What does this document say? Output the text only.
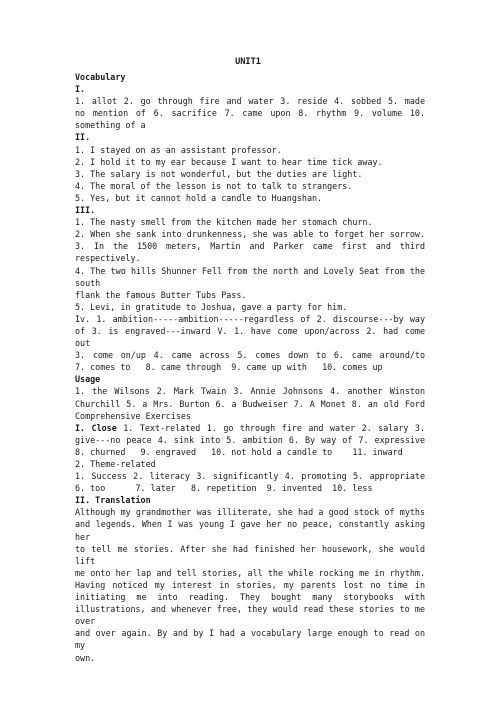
UNIT1
Vocabulary
I.
1. allot 2. go through fire and water 3. reside 4. sobbed 5. made
no mention of 6. sacrifice 7. came upon 8. rhythm 9. volume 10.
something of a
II.
1. I stayed on as an assistant professor.
2. I hold it to my ear because I want to hear time tick away.
3. The salary is not wonderful, but the duties are light.
4. The moral of the lesson is not to talk to strangers.
5. Yes, but it cannot hold a candle to Huangshan.
III.
1. The nasty smell from the kitchen made her stomach churn.
2. When she sank into drunkenness, she was able to forget her sorrow.
3. In the 1500 meters, Martin and Parker came first and third respectively.
4. The two hills Shunner Fell from the north and Lovely Seat from the south
flank the famous Butter Tubs Pass.
5. Levi, in gratitude to Joshua, gave a party for him.
Iv. 1. ambition-----ambition-----regardless of 2. discourse---by way
of 3. is engraved---inward V. 1. have come upon/across 2. had come out
3. come on/up 4. came across 5. comes down to 6. came around/to
7. comes to   8. came through  9. came up with   10. comes up
Usage
1. the Wilsons 2. Mark Twain 3. Annie Johnsons 4. another Winston
Churchill 5. a Mrs. Burton 6. a Budweiser 7. A Monet 8. an old Ford
Comprehensive Exercises
I. Close 1. Text-related 1. go through fire and water 2. salary 3.
give---no peace 4. sink into 5. ambition 6. By way of 7. expressive
8. churned   9. engraved   10. not hold a candle to    11. inward
2. Theme-related
1. Success 2. literacy 3. significantly 4. promoting 5. appropriate
6. too      7. later   8. repetition  9. invented  10. less
II. Translation
Although my grandmother was illiterate, she had a good stock of myths
and legends. When I was young I gave her no peace, constantly asking her
to tell me stories. After she had finished her housework, she would lift
me onto her lap and tell stories, all the while rocking me in rhythm.
Having noticed my interest in stories, my parents lost no time in
initiating me into reading. They bought many storybooks with
illustrations, and whenever free, they would read these stories to me over
and over again. By and by I had a vocabulary large enough to read on my
own.
